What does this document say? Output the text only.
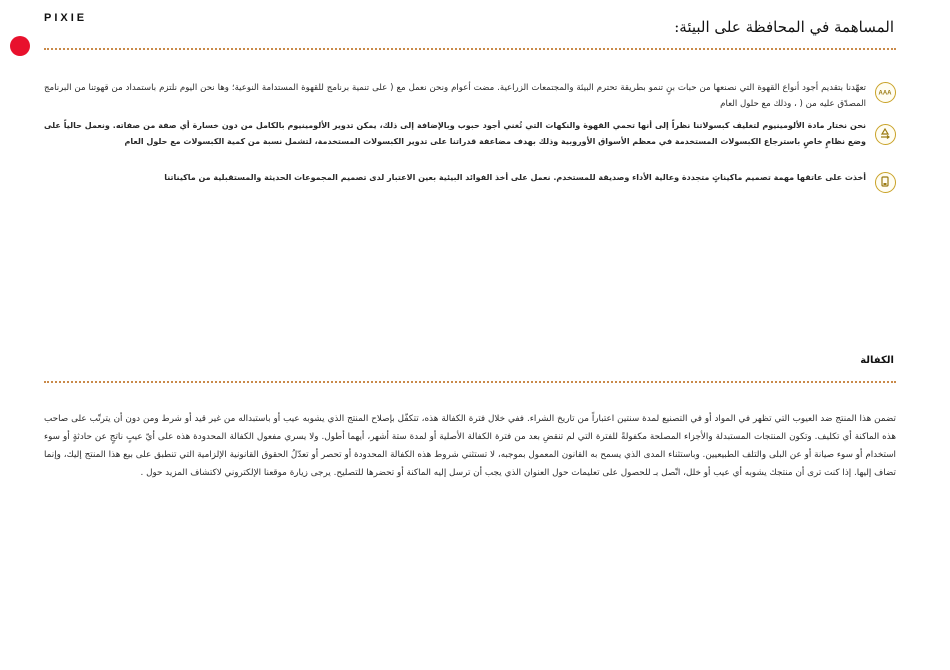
PIXIE	المساهمة في المحافظة على البيئة:
AAA
تعهّدنا بتقديم أجود أنواع القهوة التي نصنعها من حبات بنٍ تنمو بطريقة تحترم البيئة والمجتمعات الزراعية. مضت أعوام ونحن نعمل مع ( على تنمية برنامج للقهوة المستدامة النوعية؛ وها نحن اليوم نلتزم باستمداد من قهوتنا من البرنامج المصدّق عليه من ( ، وذلك مع حلول العام
نحن نختار مادة الألومينيوم لتغليف كبسولاتنا نظراً إلى أنها تحمي القهوة والنكهات التي تُغني أجود حبوب وبالإضافة إلى ذلك، يمكن تدوير الألومينيوم بالكامل من دون خسارة أي صفة من صفاته. ونعمل حالياً على وضع نظامٍ خاصٍ باسترجاع الكبسولات المستخدمة في معظم الأسواق الأوروبية وذلك بهدف مضاعفة قدراتنا على تدوير الكبسولات المستخدمة، لتشمل نسبة من كمية الكبسولات مع حلول العام
أخذت على عاتقها مهمة تصميم ماكيناتٍ متجددة وعالية الأداء وصديقة للمستخدم. نعمل على أخذ الفوائد البيئية بعين الاعتبار لدى تصميم المجموعات الحديثة والمستقبلية من ماكيناتنا
الكفالة
تضمن هذا المنتج ضد العيوب التي تظهر في المواد أو في التصنيع لمدة سنتين اعتباراً من تاريخ الشراء. ففي خلال فترة الكفالة هذه، تتكفّل بإصلاح المنتج الذي يشوبه عيب أو باستبداله من غير قيد أو شرط ومن دون أن يترتّب على صاحب هذه الماكنة أي تكليف. وتكون المنتجات المستبدلة والأجزاء المصلحة مكفولةً للفترة التي لم تنقضِ بعد من فترة الكفالة الأصلية أو لمدة ستة أشهر، أيهما أطول. ولا يسري مفعول الكفالة المحدودة هذه على أيّ عيبٍ ناتجٍ عن حادثةٍ أو سوء استخدام أو سوء صيانة أو عن البلى والتلف الطبيعيين. وباستثناء المدى الذي يسمح به القانون المعمول بموجبه، لا تستثني شروط هذه الكفالة المحدودة أو تحصر أو تعدّلُ الحقوق القانونية الإلزامية التي تنطبق على بيع هذا المنتج إليك، وإنما تضاف إليها. إذا كنت ترى أن منتجك يشوبه أي عيب أو خلل، اتّصل بـ للحصول على تعليمات حول العنوان الذي يجب أن ترسل إليه الماكنة أو تحضرها للتصليح. يرجى زيارة موقعنا الإلكتروني لاكتشاف المزيد حول .
